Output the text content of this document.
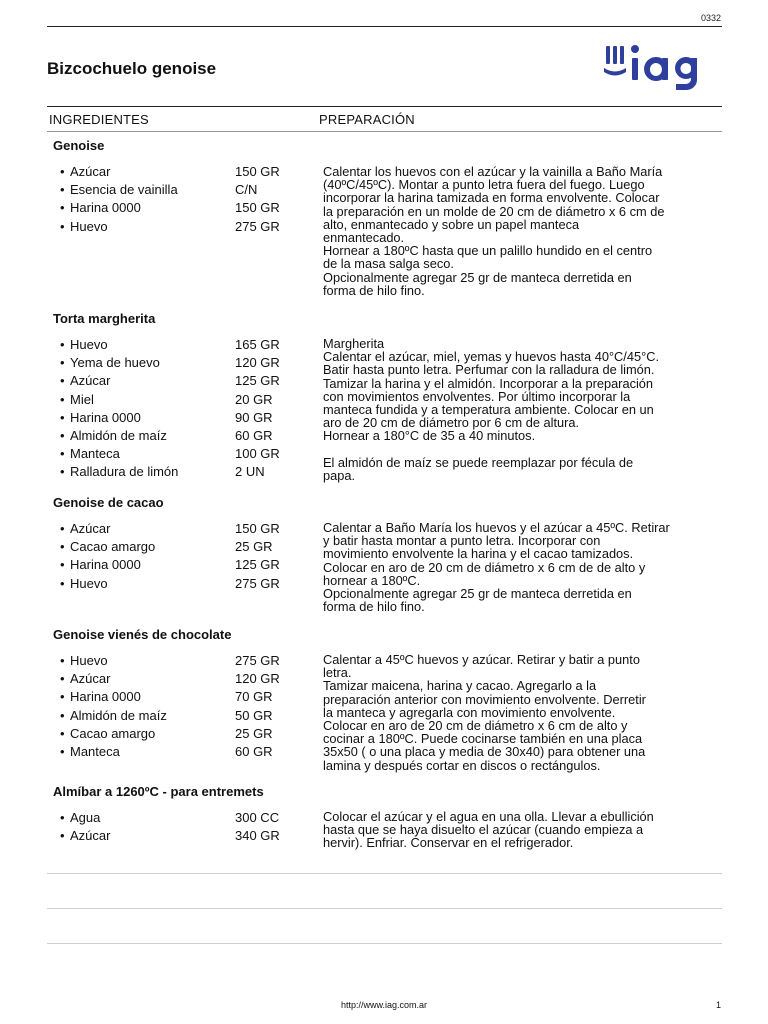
0332
Bizcochuelo genoise
INGREDIENTES	PREPARACIÓN
Genoise
• Azúcar	150 GR
• Esencia de vainilla	C/N
• Harina 0000	150 GR
• Huevo	275 GR
Calentar los huevos con el azúcar y la vainilla a Baño María
(40ºC/45ºC). Montar a punto letra fuera del fuego. Luego
incorporar la harina tamizada en forma envolvente. Colocar
la preparación en un molde de 20 cm de diámetro x 6 cm de
alto, enmantecado y sobre un papel manteca
enmantecado.
Hornear a 180ºC hasta que un palillo hundido en el centro
de la masa salga seco.
Opcionalmente agregar 25 gr de manteca derretida en
forma de hilo fino.
Torta margherita
• Huevo	165 GR
• Yema de huevo	120 GR
• Azúcar	125 GR
• Miel	20 GR
• Harina 0000	90 GR
• Almidón de maíz	60 GR
• Manteca	100 GR
• Ralladura de limón	2 UN
Margherita
Calentar el azúcar, miel, yemas y huevos hasta 40°C/45°C.
Batir hasta punto letra. Perfumar con la ralladura de limón.
Tamizar la harina y el almidón. Incorporar a la preparación
con movimientos envolventes. Por último incorporar la
manteca fundida y a temperatura ambiente. Colocar en un
aro de 20 cm de diámetro por 6 cm de altura.
Hornear a 180°C de 35 a 40 minutos.

El almidón de maíz se puede reemplazar por fécula de
papa.
Genoise de cacao
• Azúcar	150 GR
• Cacao amargo	25 GR
• Harina 0000	125 GR
• Huevo	275 GR
Calentar a Baño María los huevos y el azúcar a 45ºC. Retirar
y batir hasta montar a punto letra. Incorporar con
movimiento envolvente la harina y el cacao tamizados.
Colocar en aro de 20 cm de diámetro x 6 cm de de alto y
hornear a 180ºC.
Opcionalmente agregar 25 gr de manteca derretida en
forma de hilo fino.
Genoise vienés de chocolate
• Huevo	275 GR
• Azúcar	120 GR
• Harina 0000	70 GR
• Almidón de maíz	50 GR
• Cacao amargo	25 GR
• Manteca	60 GR
Calentar a 45ºC huevos y azúcar. Retirar y batir a punto
letra.
Tamizar maicena, harina y cacao. Agregarlo a la
preparación anterior con movimiento envolvente. Derretir
la manteca y agregarla con movimiento envolvente.
Colocar en aro de 20 cm de diámetro x 6 cm de alto y
cocinar a 180ºC. Puede cocinarse también en una placa
35x50 ( o una placa y media de 30x40) para obtener una
lamina y después cortar en discos o rectángulos.
Almíbar a 1260ºC - para entremets
• Agua	300 CC
• Azúcar	340 GR
Colocar el azúcar y el agua en una olla. Llevar a ebullición
hasta que se haya disuelto el azúcar (cuando empieza a
hervir). Enfriar. Conservar en el refrigerador.
http://www.iag.com.ar	1
